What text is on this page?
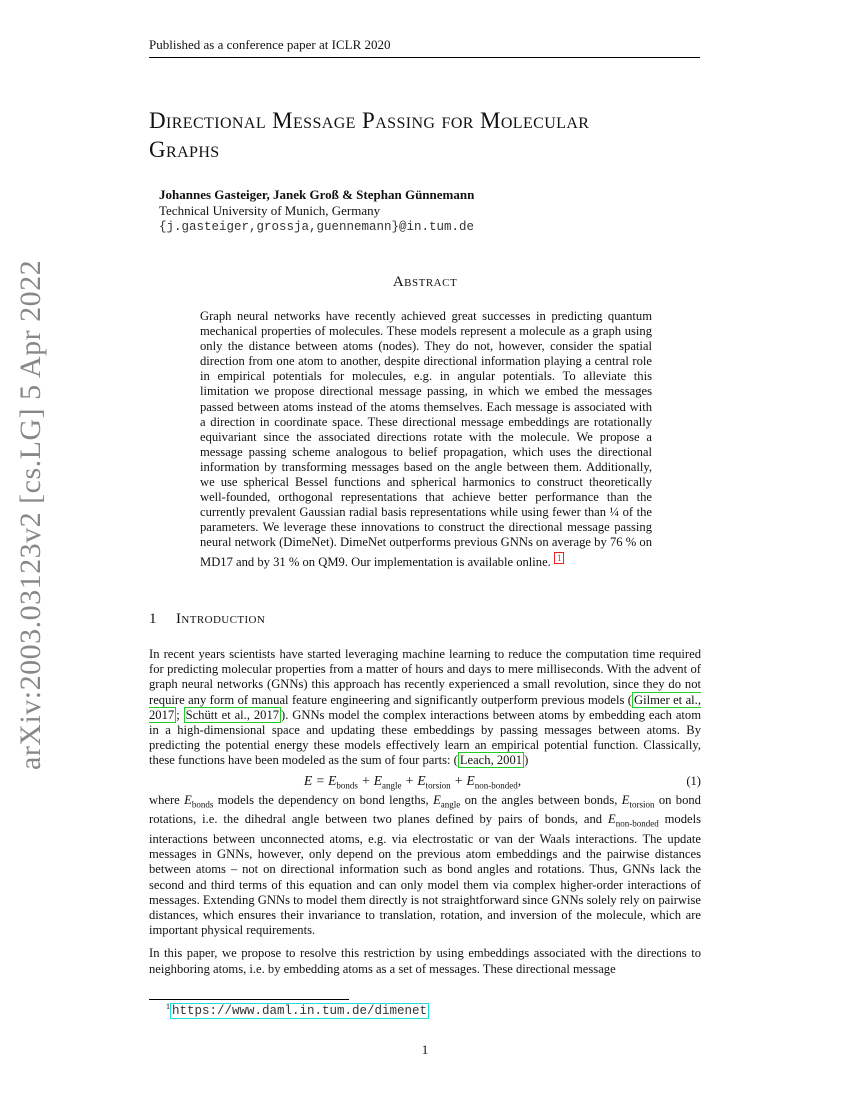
Published as a conference paper at ICLR 2020
Directional Message Passing for Molecular
Graphs
Johannes Gasteiger, Janek Groß & Stephan Günnemann
Technical University of Munich, Germany
{j.gasteiger,grossja,guennemann}@in.tum.de
Abstract

Graph neural networks have recently achieved great successes in predicting quantum mechanical properties of molecules. These models represent a molecule as a graph using only the distance between atoms (nodes). They do not, however, consider the spatial direction from one atom to another, despite directional information playing a central role in empirical potentials for molecules, e.g. in angular potentials. To alleviate this limitation we propose directional message passing, in which we embed the messages passed between atoms instead of the atoms themselves. Each message is associated with a direction in coordinate space. These directional message embeddings are rotationally equivariant since the associated directions rotate with the molecule. We propose a message passing scheme analogous to belief propagation, which uses the directional information by transforming messages based on the angle between them. Additionally, we use spherical Bessel functions and spherical harmonics to construct theoretically well-founded, orthogonal representations that achieve better performance than the currently prevalent Gaussian radial basis representations while using fewer than ¼ of the parameters. We leverage these innovations to construct the directional message passing neural network (DimeNet). DimeNet outperforms previous GNNs on average by 76 % on MD17 and by 31 % on QM9. Our implementation is available online. $^1$

1 Introduction

In recent years scientists have started leveraging machine learning to reduce the computation time required for predicting molecular properties from a matter of hours and days to mere milliseconds. With the advent of graph neural networks (GNNs) this approach has recently experienced a small revolution, since they do not require any form of manual feature engineering and significantly outperform previous models ( Gilmer et al., 2017 ; Schütt et al., 2017 ). GNNs model the complex interactions between atoms by embedding each atom in a high-dimensional space and updating these embeddings by passing messages between atoms. By predicting the potential energy these models effectively learn an empirical potential function. Classically, these functions have been modeled as the sum of four parts: ( Leach, 2001 )

$E = E_{bonds} + E_{angle} + E_{torsion} + E_{non-bonded}$,	(1)

where $E_{bonds}$ models the dependency on bond lengths, $E_{angle}$ on the angles between bonds, $E_{torsion}$ on bond rotations, i.e. the dihedral angle between two planes defined by pairs of bonds, and $E_{non-bonded}$ models interactions between unconnected atoms, e.g. via electrostatic or van der Waals interactions. The update messages in GNNs, however, only depend on the previous atom embeddings and the pairwise distances between atoms – not on directional information such as bond angles and rotations. Thus, GNNs lack the second and third terms of this equation and can only model them via complex higher-order interactions of messages. Extending GNNs to model them directly is not straightforward since GNNs solely rely on pairwise distances, which ensures their invariance to translation, rotation, and inversion of the molecule, which are important physical requirements.

In this paper, we propose to resolve this restriction by using embeddings associated with the directions to neighboring atoms, i.e. by embedding atoms as a set of messages. These directional message

$^1$ https://www.daml.in.tum.de/dimenet
1
arXiv:2003.03123v2 [cs.LG] 5 Apr 2022
